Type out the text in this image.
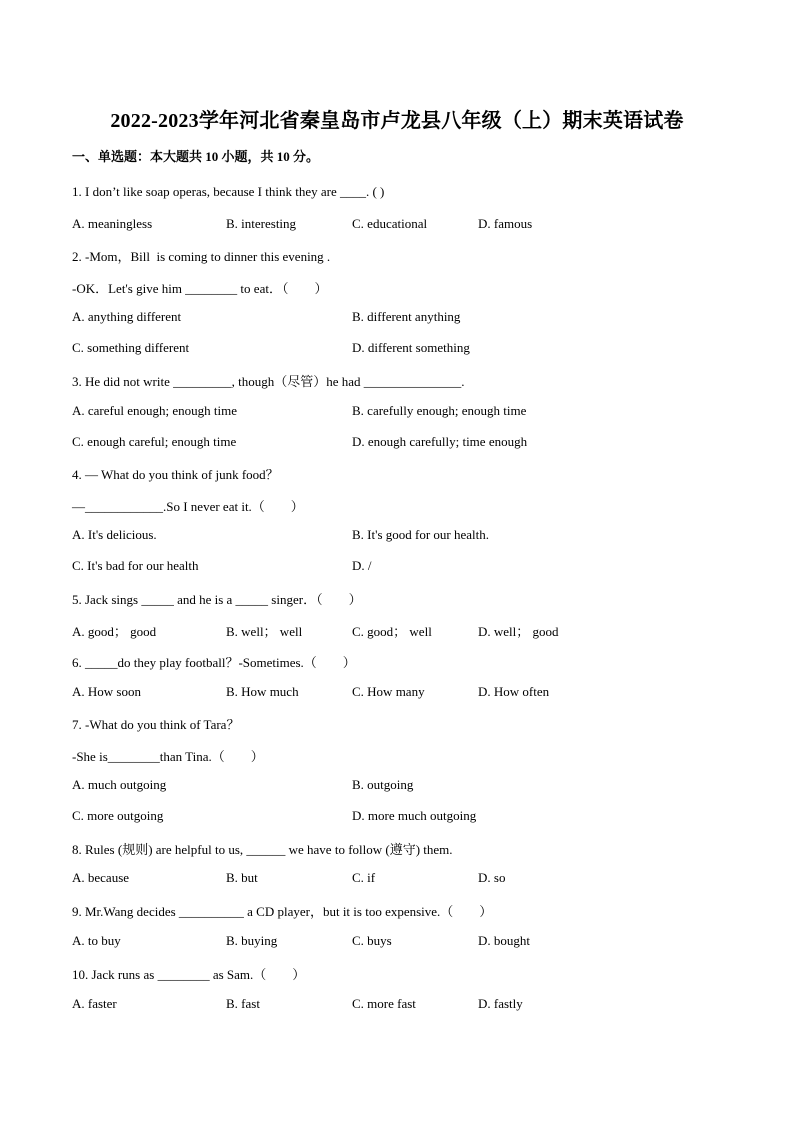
2022-2023学年河北省秦皇岛市卢龙县八年级（上）期末英语试卷
一、单选题：本大题共 10 小题，共 10 分。
1. I don’t like soap operas, because I think they are ____. ( )
A. meaningless	B. interesting	C. educational	D. famous
2. -Mom，Bill  is coming to dinner this evening .
-OK．Let's give him ________ to eat．（　　）
A. anything different	B. different anything
C. something different	D. different something
3. He did not write _________, though（尽管）he had _______________.
A. careful enough; enough time	B. carefully enough; enough time
C. enough careful; enough time	D. enough carefully; time enough
4. — What do you think of junk food？
—____________.So I never eat it.（　　）
A. It's delicious.	B. It's good for our health.
C. It's bad for our health	D. /
5. Jack sings _____ and he is a _____ singer．（　　）
A. good； good	B. well； well	C. good； well	D. well； good
6. _____do they play football？-Sometimes.（　　）
A. How soon	B. How much	C. How many	D. How often
7. -What do you think of Tara？
-She is________than Tina.（　　）
A. much outgoing	B. outgoing
C. more outgoing	D. more much outgoing
8. Rules (规则) are helpful to us, ______ we have to follow (遵守) them.
A. because	B. but	C. if	D. so
9. Mr.Wang decides __________ a CD player，but it is too expensive.（　　）
A. to buy	B. buying	C. buys	D. bought
10. Jack runs as ________ as Sam.（　　）
A. faster	B. fast	C. more fast	D. fastly
